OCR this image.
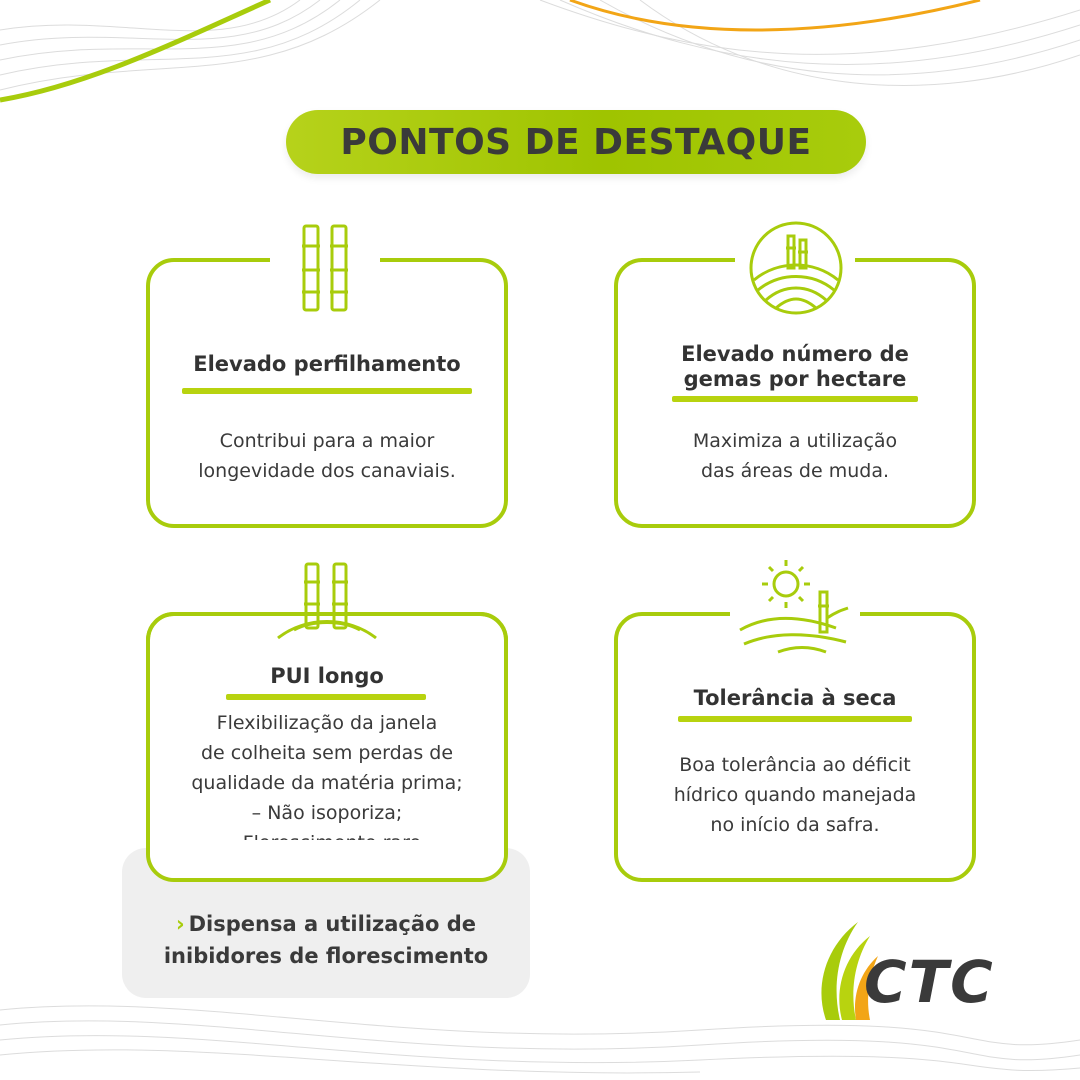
PONTOS DE DESTAQUE
Elevado perfilhamento
Contribui para a maior
longevidade dos canaviais.
Elevado número de
gemas por hectare
Maximiza a utilização
das áreas de muda.
PUI longo
Flexibilização da janela
de colheita sem perdas de
qualidade da matéria prima;
– Não isoporiza;
Tolerância à seca
Boa tolerância ao déficit
hídrico quando manejada
no início da safra.
› Dispensa a utilização de
inibidores de florescimento	CTC
